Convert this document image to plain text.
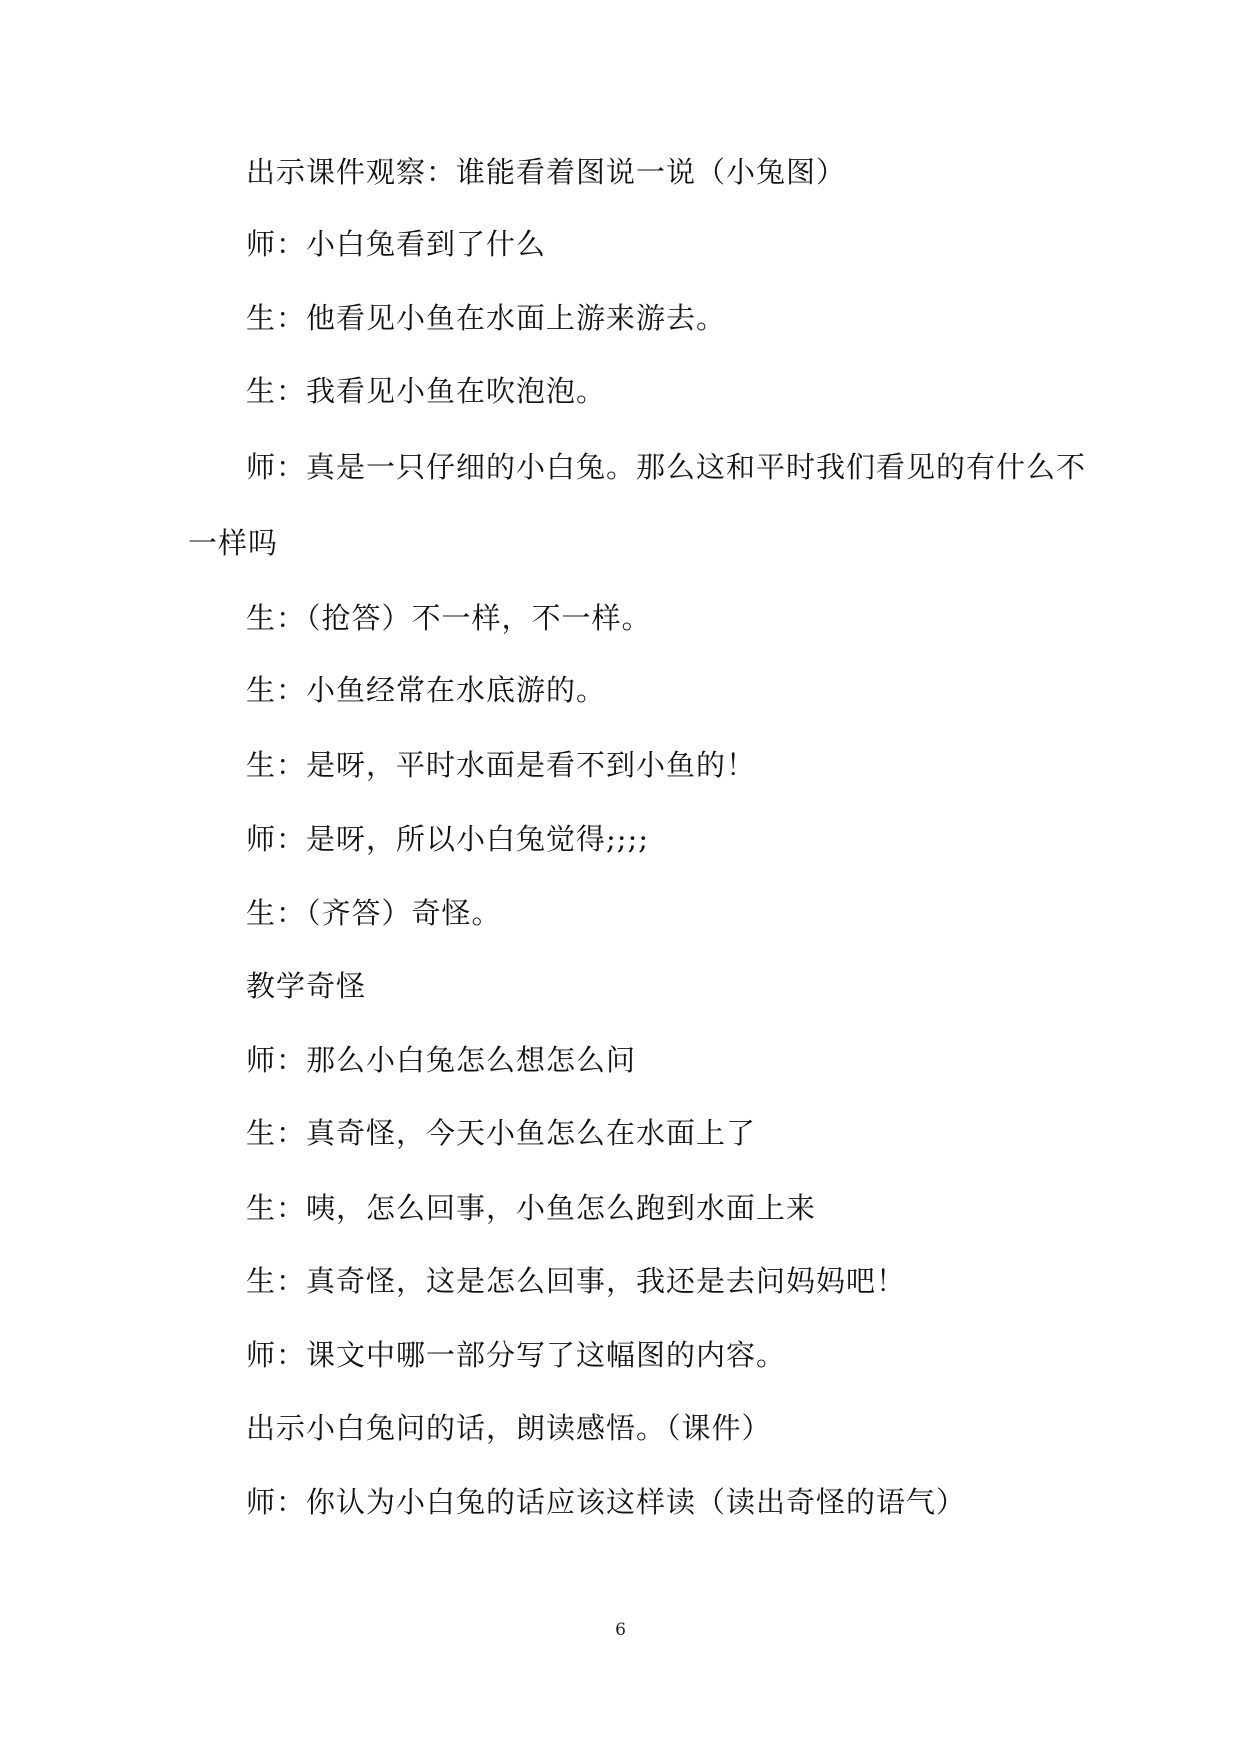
出示课件观察：谁能看着图说一说（小兔图）
师：小白兔看到了什么
生：他看见小鱼在水面上游来游去。
生：我看见小鱼在吹泡泡。
师：真是一只仔细的小白兔。那么这和平时我们看见的有什么不
一样吗
生：（抢答）不一样，不一样。
生：小鱼经常在水底游的。
生：是呀，平时水面是看不到小鱼的！
师：是呀，所以小白兔觉得;;;;
生：（齐答）奇怪。
教学奇怪
师：那么小白兔怎么想怎么问
生：真奇怪，今天小鱼怎么在水面上了
生：咦，怎么回事，小鱼怎么跑到水面上来
生：真奇怪，这是怎么回事，我还是去问妈妈吧！
师：课文中哪一部分写了这幅图的内容。
出示小白兔问的话，朗读感悟。（课件）
师：你认为小白兔的话应该这样读（读出奇怪的语气）
6
